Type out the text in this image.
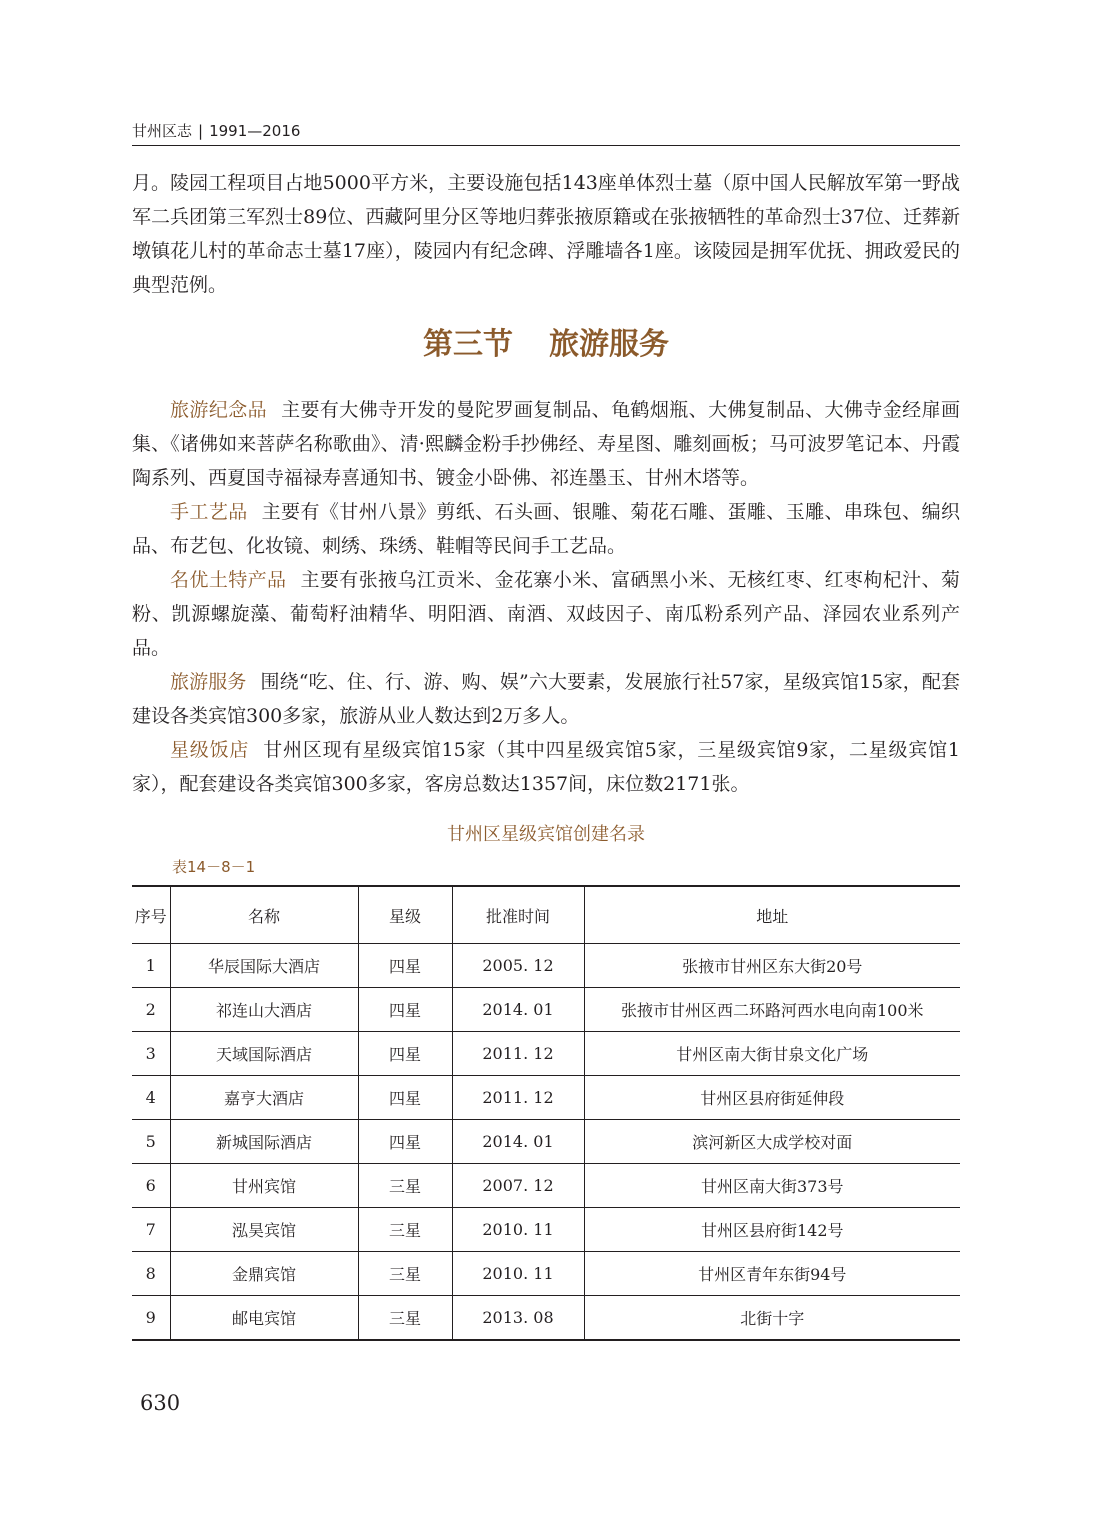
甘州区志 | 1991—2016

月。陵园工程项目占地5000平方米，主要设施包括143座单体烈士墓（原中国人民解放军第一野战军二兵团第三军烈士89位、西藏阿里分区等地归葬张掖原籍或在张掖牺牲的革命烈士37位、迁葬新墩镇花儿村的革命志士墓17座），陵园内有纪念碑、浮雕墙各1座。该陵园是拥军优抚、拥政爱民的典型范例。

第三节 旅游服务

旅游纪念品 主要有大佛寺开发的曼陀罗画复制品、龟鹤烟瓶、大佛复制品、大佛寺金经扉画集、《诸佛如来菩萨名称歌曲》、清·熙麟金粉手抄佛经、寿星图、雕刻画板；马可波罗笔记本、丹霞陶系列、西夏国寺福禄寿喜通知书、镀金小卧佛、祁连墨玉、甘州木塔等。

手工艺品 主要有《甘州八景》剪纸、石头画、银雕、菊花石雕、蛋雕、玉雕、串珠包、编织品、布艺包、化妆镜、刺绣、珠绣、鞋帽等民间手工艺品。

名优土特产品 主要有张掖乌江贡米、金花寨小米、富硒黑小米、无核红枣、红枣枸杞汁、菊粉、凯源螺旋藻、葡萄籽油精华、明阳酒、南酒、双歧因子、南瓜粉系列产品、泽园农业系列产品。

旅游服务 围绕“吃、住、行、游、购、娱”六大要素，发展旅行社57家，星级宾馆15家，配套建设各类宾馆300多家，旅游从业人数达到2万多人。

星级饭店 甘州区现有星级宾馆15家（其中四星级宾馆5家，三星级宾馆9家，二星级宾馆1家），配套建设各类宾馆300多家，客房总数达1357间，床位数2171张。

甘州区星级宾馆创建名录
表14－8－1
序号	名称	星级	批准时间	地址
1	华辰国际大酒店	四星	2005. 12	张掖市甘州区东大街20号
2	祁连山大酒店	四星	2014. 01	张掖市甘州区西二环路河西水电向南100米
3	天域国际酒店	四星	2011. 12	甘州区南大街甘泉文化广场
4	嘉亨大酒店	四星	2011. 12	甘州区县府街延伸段
5	新城国际酒店	四星	2014. 01	滨河新区大成学校对面
6	甘州宾馆	三星	2007. 12	甘州区南大街373号
7	泓昊宾馆	三星	2010. 11	甘州区县府街142号
8	金鼎宾馆	三星	2010. 11	甘州区青年东街94号
9	邮电宾馆	三星	2013. 08	北街十字
630
